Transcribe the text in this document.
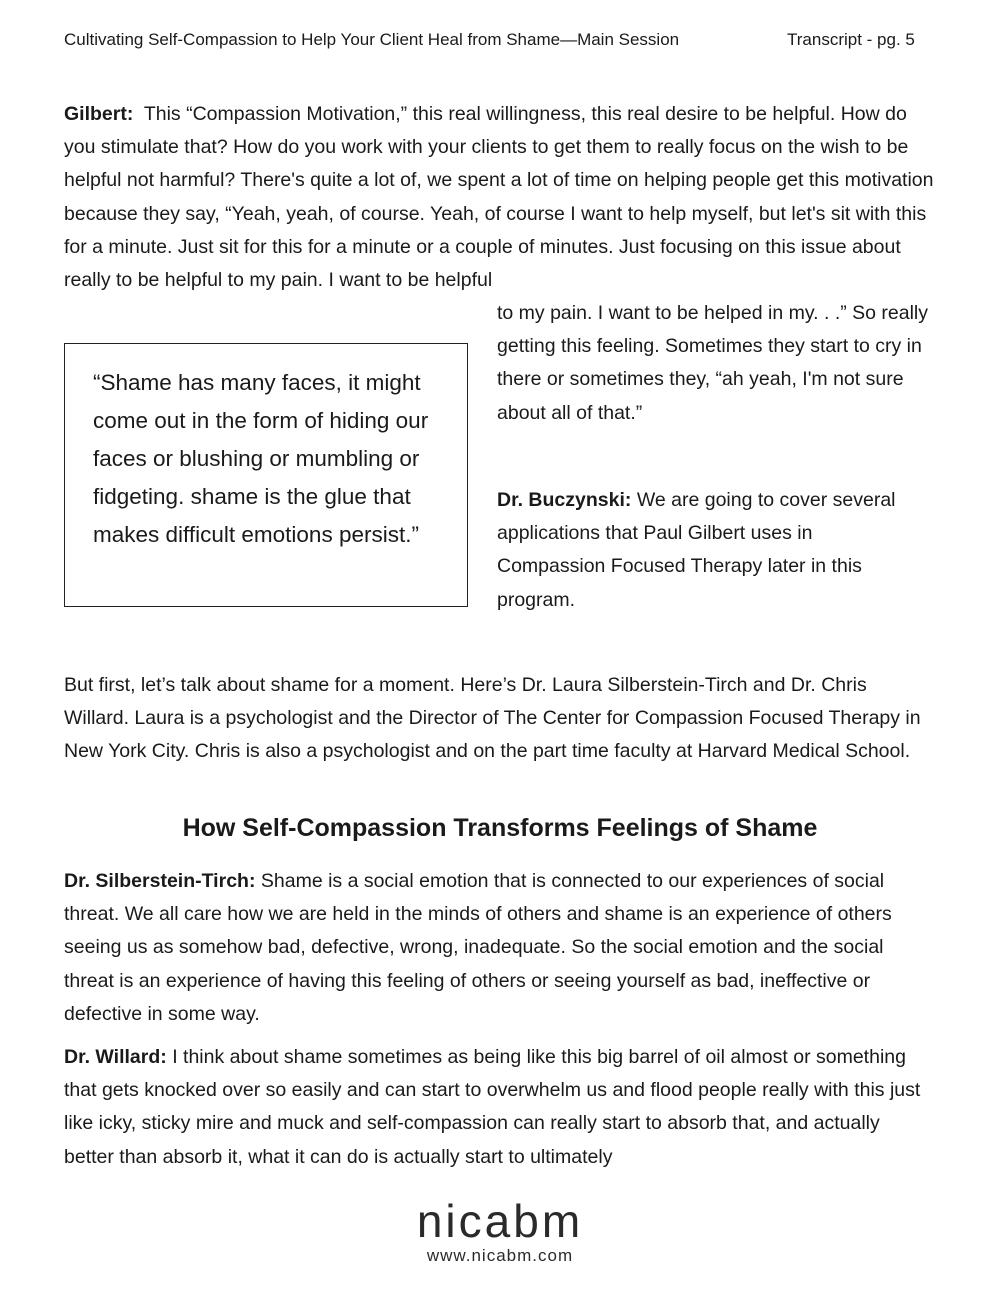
Cultivating Self-Compassion to Help Your Client Heal from Shame—Main Session	Transcript - pg. 5

Gilbert: This “Compassion Motivation,” this real willingness, this real desire to be helpful. How do you stimulate that? How do you work with your clients to get them to really focus on the wish to be helpful not harmful? There's quite a lot of, we spent a lot of time on helping people get this motivation because they say, “Yeah, yeah, of course. Yeah, of course I want to help myself, but let's sit with this for a minute. Just sit for this for a minute or a couple of minutes. Just focusing on this issue about really to be helpful to my pain. I want to be helpful

to my pain. I want to be helped in my. . .” So really getting this feeling. Sometimes they start to cry in there or sometimes they, “ah yeah, I'm not sure about all of that.”

“Shame has many faces, it might come out in the form of hiding our faces or blushing or mumbling or fidgeting. shame is the glue that makes difficult emotions persist.”

Dr. Buczynski: We are going to cover several applications that Paul Gilbert uses in Compassion Focused Therapy later in this program.

But first, let’s talk about shame for a moment. Here’s Dr. Laura Silberstein-Tirch and Dr. Chris Willard. Laura is a psychologist and the Director of The Center for Compassion Focused Therapy in New York City. Chris is also a psychologist and on the part time faculty at Harvard Medical School.

How Self-Compassion Transforms Feelings of Shame

Dr. Silberstein-Tirch: Shame is a social emotion that is connected to our experiences of social threat. We all care how we are held in the minds of others and shame is an experience of others seeing us as somehow bad, defective, wrong, inadequate. So the social emotion and the social threat is an experience of having this feeling of others or seeing yourself as bad, ineffective or defective in some way.

Dr. Willard: I think about shame sometimes as being like this big barrel of oil almost or something that gets knocked over so easily and can start to overwhelm us and flood people really with this just like icky, sticky mire and muck and self-compassion can really start to absorb that, and actually better than absorb it, what it can do is actually start to ultimately

nicabm
www.nicabm.com
